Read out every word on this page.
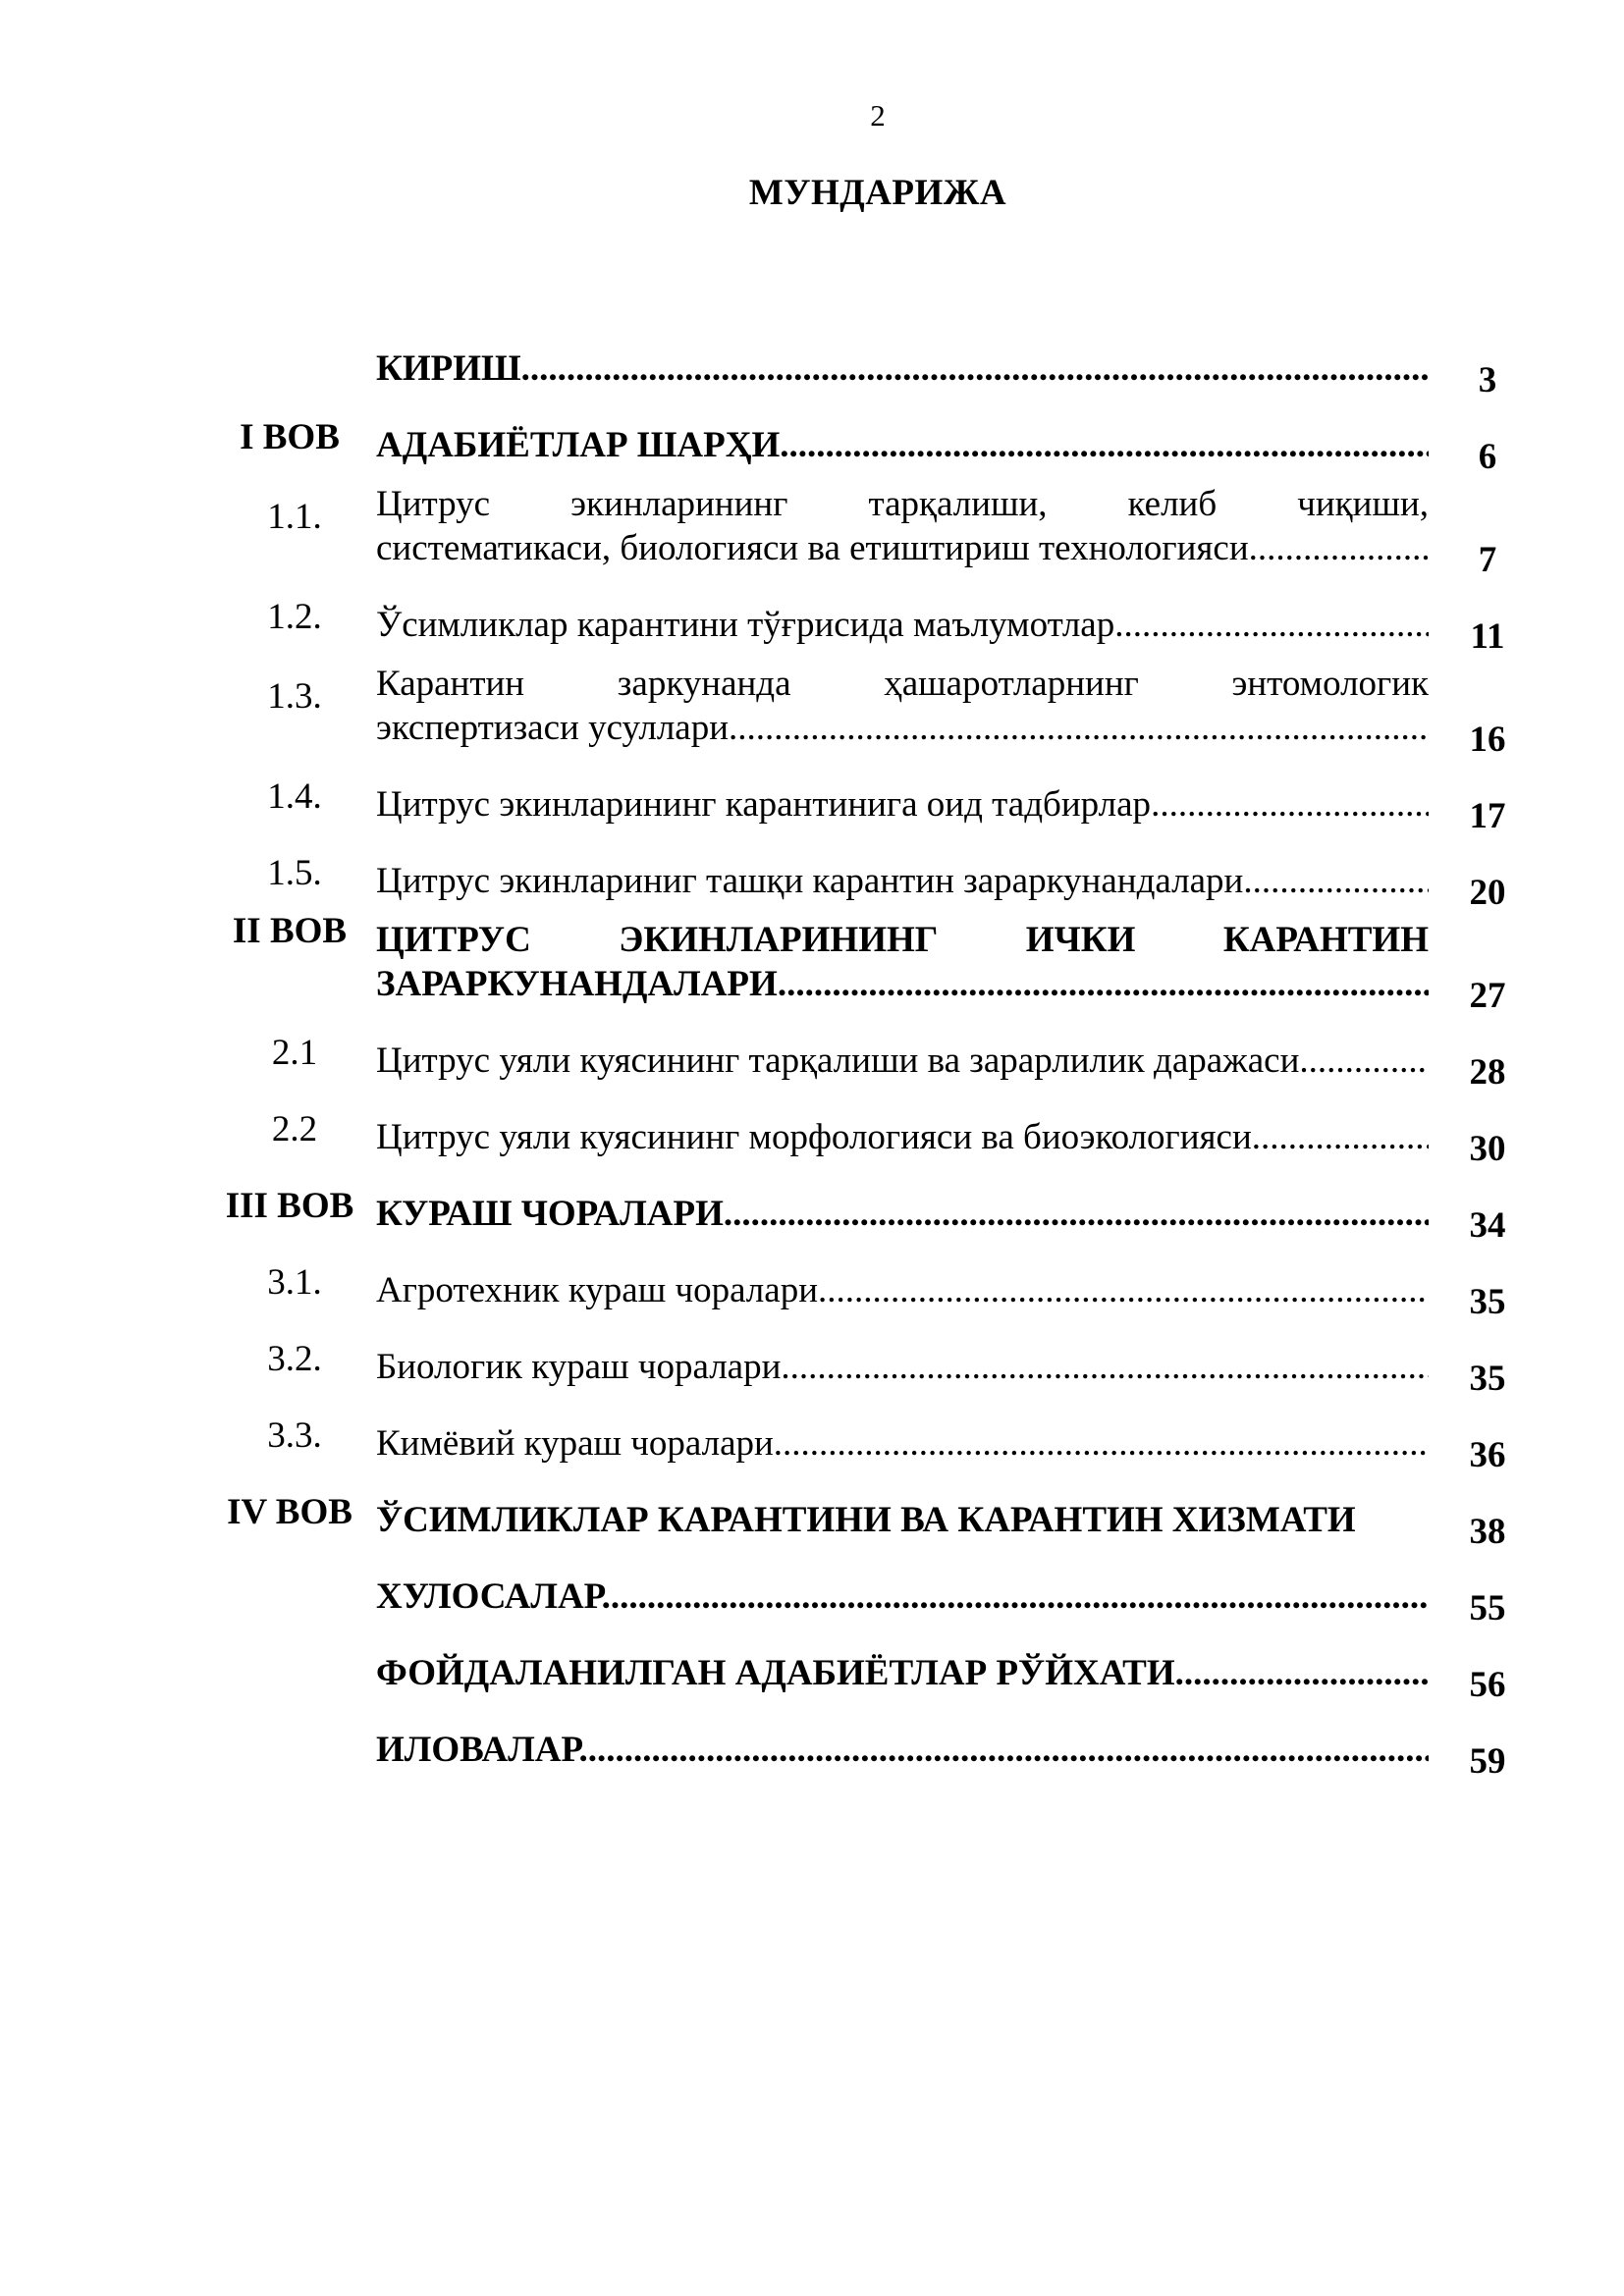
2
МУНДАРИЖА
КИРИШ .....	3
I BOB	АДАБИЁТЛАР ШАРҲИ .....	6
1.1.	Цитрус экинларининг тарқалиши, келиб чиқиши,
систематикаси, биологияси ва етиштириш технологияси. .....	7
1.2.	Ўсимликлар карантини тўғрисида маълумотлар .....	11
1.3.	Карантин заркунанда ҳашаротларнинг энтомологик
экспертизаси усуллари .....	16
1.4.	Цитрус экинларининг карантинига оид тадбирлар .....	17
1.5.	Цитрус экинлариниг ташқи карантин зараркунандалари .....	20
II BOB ЦИТРУС ЭКИНЛАРИНИНГ ИЧКИ КАРАНТИН
ЗАРАРКУНАНДАЛАРИ .....	27
2.1	Цитрус уяли куясининг тарқалиши ва зарарлилик даражаси .....	28
2.2	Цитрус уяли куясининг морфологияси ва биоэкологияси .....	30
III BOB КУРАШ ЧОРАЛАРИ .....	34
3.1.	Агротехник кураш чоралари .....	35
3.2.	Биологик кураш чоралари .....	35
3.3.	Кимёвий кураш чоралари .....	36
IV BOB ЎСИМЛИКЛАР КАРАНТИНИ ВА КАРАНТИН ХИЗМАТИ	38
ХУЛОСАЛАР .....	55
ФОЙДАЛАНИЛГАН АДАБИЁТЛАР РЎЙХАТИ .....	56
ИЛОВАЛАР .....	59
